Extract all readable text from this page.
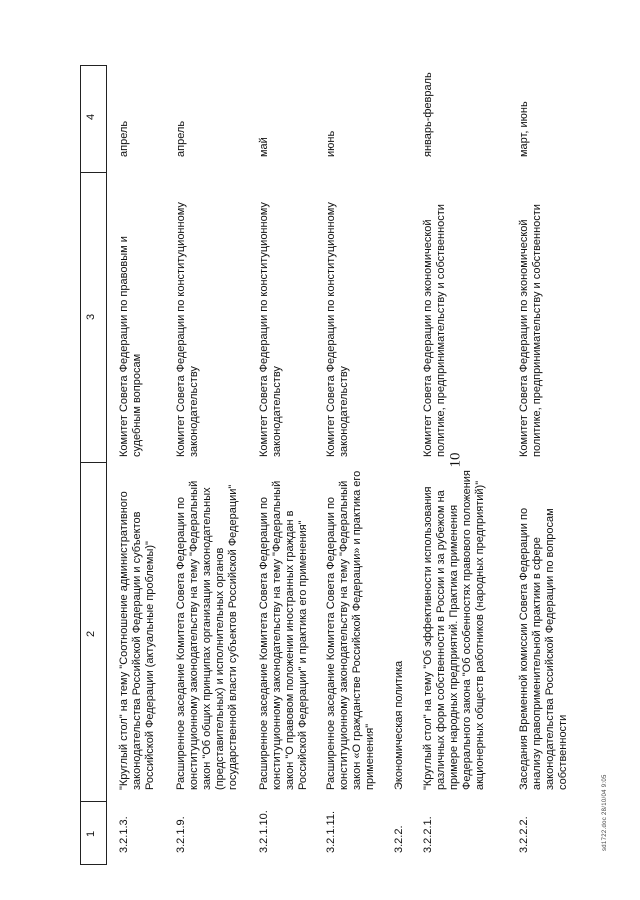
10
1
2
3
4
3.2.1.3.
"Круглый стол" на тему "Соотношение административного законодательства Российской Федерации и субъектов Российской Федерации (актуальные проблемы)"
Комитет Совета Федерации по правовым и судебным вопросам
апрель
3.2.1.9.
Расширенное заседание Комитета Совета Федерации по конституционному законодательству на тему "Федеральный закон "Об общих принципах организации законодательных (представительных) и исполнительных органов государственной власти субъектов Российской Федерации"
Комитет Совета Федерации по конституционному законодательству
апрель
3.2.1.10.
Расширенное заседание Комитета Совета Федерации по конституционному законодательству на тему "Федеральный закон "О правовом положении иностранных граждан в Российской Федерации" и практика его применения"
Комитет Совета Федерации по конституционному законодательству
май
3.2.1.11.
Расширенное заседание Комитета Совета Федерации по конституционному законодательству на тему "Федеральный закон «О гражданстве Российской Федерации» и практика его применения"
Комитет Совета Федерации по конституционному законодательству
июнь
3.2.2.
Экономическая политика
3.2.2.1.
"Круглый стол" на тему "Об эффективности использования различных форм собственности в России и за рубежом на примере народных предприятий. Практика применения Федерального закона "Об особенностях правового положения акционерных обществ работников (народных предприятий)"
Комитет Совета Федерации по экономической политике, предпринимательству и собственности
январь-февраль
3.2.2.2.
Заседания Временной комиссии Совета Федерации по анализу правоприменительной практики в сфере законодательства Российской Федерации по вопросам собственности
Комитет Совета Федерации по экономической политике, предпринимательству и собственности
март, июнь
sd1722.doc 28/10/04 9:05
